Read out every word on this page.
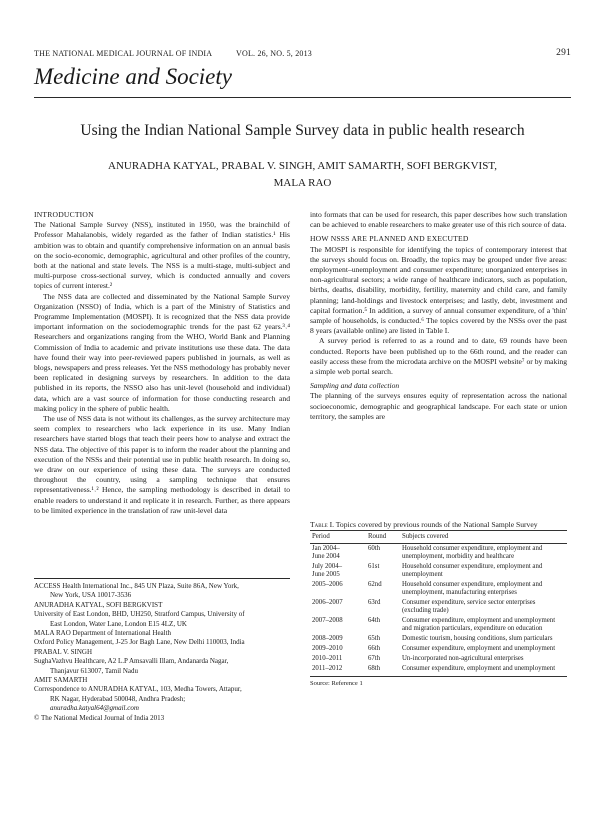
THE NATIONAL MEDICAL JOURNAL OF INDIA	VOL. 26, NO. 5, 2013	291
Medicine and Society
Using the Indian National Sample Survey data in public health research
ANURADHA KATYAL, PRABAL V. SINGH, AMIT SAMARTH, SOFI BERGKVIST,
MALA RAO
INTRODUCTION

The National Sample Survey (NSS), instituted in 1950, was the brainchild of Professor Mahalanobis, widely regarded as the father of Indian statistics.¹ His ambition was to obtain and quantify comprehensive information on an annual basis on the socio-economic, demographic, agricultural and other profiles of the country, both at the national and state levels. The NSS is a multi-stage, multi-subject and multi-purpose cross-sectional survey, which is conducted annually and covers topics of current interest.²

The NSS data are collected and disseminated by the National Sample Survey Organization (NSSO) of India, which is a part of the Ministry of Statistics and Programme Implementation (MOSPI). It is recognized that the NSS data provide important information on the sociodemographic trends for the past 62 years.³˒⁴ Researchers and organizations ranging from the WHO, World Bank and Planning Commission of India to academic and private institutions use these data. The data have found their way into peer-reviewed papers published in journals, as well as blogs, newspapers and press releases. Yet the NSS methodology has probably never been replicated in designing surveys by researchers. In addition to the data published in its reports, the NSSO also has unit-level (household and individual) data, which are a vast source of information for those conducting research and making policy in the sphere of public health.

The use of NSS data is not without its challenges, as the survey architecture may seem complex to researchers who lack experience in its use. Many Indian researchers have started blogs that teach their peers how to analyse and extract the NSS data. The objective of this paper is to inform the reader about the planning and execution of the NSSs and their potential use in public health research. In doing so, we draw on our experience of using these data. The surveys are conducted throughout the country, using a sampling technique that ensures representativeness.¹˒² Hence, the sampling methodology is described in detail to enable readers to understand it and replicate it in research. Further, as there appears to be limited experience in the translation of raw unit-level data

ACCESS Health International Inc., 845 UN Plaza, Suite 86A, New York,
New York, USA 10017-3536
ANURADHA KATYAL, SOFI BERGKVIST
University of East London, BHD, UH250, Stratford Campus, University of
East London, Water Lane, London E15 4LZ, UK
MALA RAO Department of International Health
Oxford Policy Management, J-25 Jor Bagh Lane, New Delhi 110003, India
PRABAL V. SINGH
SughaVazhvu Healthcare, A2 L.P Amsavalli Illam, Andanarda Nagar,
Thanjavur 613007, Tamil Nadu
AMIT SAMARTH
Correspondence to ANURADHA KATYAL, 103, Medha Towers, Attapur,
RK Nagar, Hyderabad 500048, Andhra Pradesh;
anuradha.katyal64@gmail.com
© The National Medical Journal of India 2013

into formats that can be used for research, this paper describes how such translation can be achieved to enable researchers to make greater use of this rich source of data.

HOW NSSS ARE PLANNED AND EXECUTED

The MOSPI is responsible for identifying the topics of contemporary interest that the surveys should focus on. Broadly, the topics may be grouped under five areas: employment–unemployment and consumer expenditure; unorganized enterprises in non-agricultural sectors; a wide range of healthcare indicators, such as population, births, deaths, disability, morbidity, fertility, maternity and child care, and family planning; land-holdings and livestock enterprises; and lastly, debt, investment and capital formation.⁵ In addition, a survey of annual consumer expenditure, of a 'thin' sample of households, is conducted.⁶ The topics covered by the NSSs over the past 8 years (available online) are listed in Table I.

A survey period is referred to as a round and to date, 69 rounds have been conducted. Reports have been published up to the 66th round, and the reader can easily access these from the microdata archive on the MOSPI website⁷ or by making a simple web portal search.

Sampling and data collection

The planning of the surveys ensures equity of representation across the national socioeconomic, demographic and geographical landscape. For each state or union territory, the samples are

Table I. Topics covered by previous rounds of the National Sample Survey
Period	Round	Subjects covered
Jan 2004–
June 2004	60th	Household consumer expenditure, employment and unemployment, morbidity and healthcare
July 2004–
June 2005	61st	Household consumer expenditure, employment and unemployment
2005–2006	62nd	Household consumer expenditure, employment and unemployment, manufacturing enterprises
2006–2007	63rd	Consumer expenditure, service sector enterprises (excluding trade)
2007–2008	64th	Consumer expenditure, employment and unemployment and migration particulars, expenditure on education
2008–2009	65th	Domestic tourism, housing conditions, slum particulars
2009–2010	66th	Consumer expenditure, employment and unemployment
2010–2011	67th	Un-incorporated non-agricultural enterprises
2011–2012	68th	Consumer expenditure, employment and unemployment
Source: Reference 1
